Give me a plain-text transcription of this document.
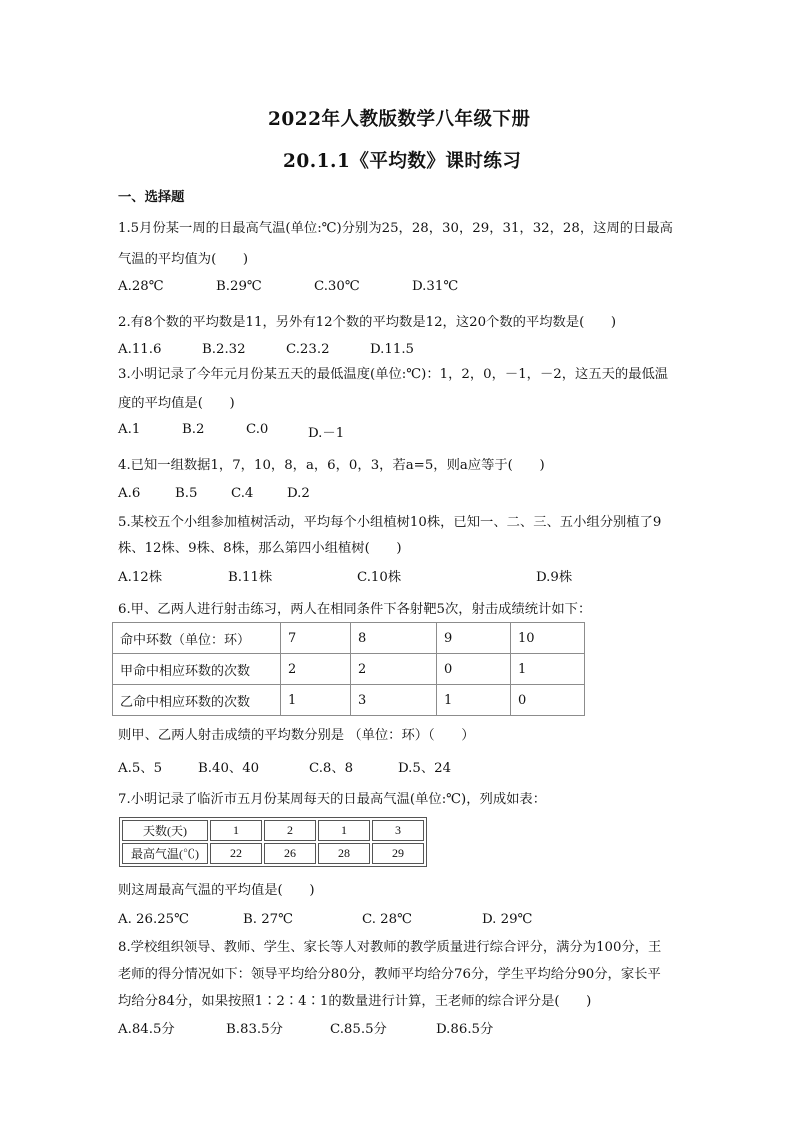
2022年人教版数学八年级下册
20.1.1《平均数》课时练习
一、选择题
1.5月份某一周的日最高气温(单位:℃)分别为25，28，30，29，31，32，28，这周的日最高
气温的平均值为(　　)
A.28℃	B.29℃	C.30℃	D.31℃
2.有8个数的平均数是11，另外有12个数的平均数是12，这20个数的平均数是(　　)
A.11.6	B.2.32	C.23.2	D.11.5
3.小明记录了今年元月份某五天的最低温度(单位:℃)：1，2，0，－1，－2，这五天的最低温
度的平均值是(　　)
A.1	B.2	C.0	D.－1
4.已知一组数据1，7，10，8，a，6，0，3，若a=5，则a应等于(　　)
A.6	B.5	C.4	D.2
5.某校五个小组参加植树活动，平均每个小组植树10株，已知一、二、三、五小组分别植了9
株、12株、9株、8株，那么第四小组植树(　　)
A.12株	B.11株	C.10株	D.9株
6.甲、乙两人进行射击练习，两人在相同条件下各射靶5次，射击成绩统计如下：
命中环数（单位：环）	7	8	9	10
甲命中相应环数的次数	2	2	0	1
乙命中相应环数的次数	1	3	1	0
则甲、乙两人射击成绩的平均数分别是 （单位：环）（　　）
A.5、5	B.40、40	C.8、8	D.5、24
7.小明记录了临沂市五月份某周每天的日最高气温(单位:℃)，列成如表：
天数(天)	1	2	1	3
最高气温(℃)	22	26	28	29
则这周最高气温的平均值是(　　)
A. 26.25℃	B. 27℃	C. 28℃	D. 29℃
8.学校组织领导、教师、学生、家长等人对教师的教学质量进行综合评分，满分为100分，王
老师的得分情况如下：领导平均给分80分，教师平均给分76分，学生平均给分90分，家长平
均给分84分，如果按照1∶2∶4∶1的数量进行计算，王老师的综合评分是(　　)
A.84.5分	B.83.5分	C.85.5分	D.86.5分
